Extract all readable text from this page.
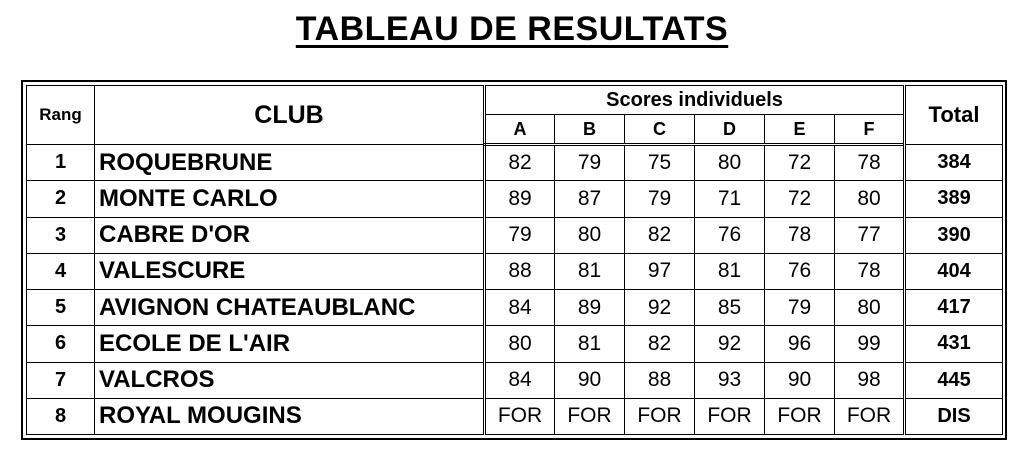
TABLEAU DE RESULTATS
Rang	CLUB	Scores individuels						Total
		A	B	C	D	E	F	
1	ROQUEBRUNE	82	79	75	80	72	78	384
2	MONTE CARLO	89	87	79	71	72	80	389
3	CABRE D'OR	79	80	82	76	78	77	390
4	VALESCURE	88	81	97	81	76	78	404
5	AVIGNON CHATEAUBLANC	84	89	92	85	79	80	417
6	ECOLE DE L'AIR	80	81	82	92	96	99	431
7	VALCROS	84	90	88	93	90	98	445
8	ROYAL MOUGINS	FOR	FOR	FOR	FOR	FOR	FOR	DIS
